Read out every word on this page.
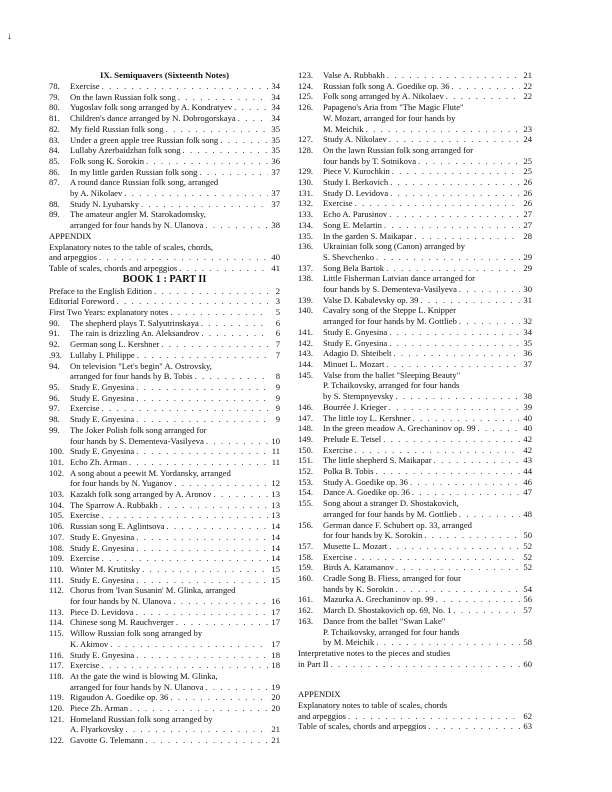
↓
IX. Semiquavers (Sixteenth Notes)
78.	Exercise . . .	34
79.	On the lawn Russian folk song . . .	34
80.	Yugoslav folk song arranged by A. Kondratyev . . .	34
81.	Children's dance arranged by N. Dobrogorskaya . . .	34
82.	My field Russian folk song . . .	35
83.	Under a green apple tree Russian folk song . . .	35
84.	Lullaby Azerbaidzhan folk song . . .	35
85.	Folk song K. Sorokin . . .	36
86.	In my little garden Russian folk song . . .	37
87.	A round dance Russian folk song, arranged
by A. Nikolaev . . .	37
88.	Study N. Lyubarsky . . .	37
89.	The amateur angler M. Starokadomsky,
arranged for four hands by N. Ulanova . . .	38
APPENDIX
Explanatory notes to the table of scales, chords,
and arpeggios . . .	40
Table of scales, chords and arpeggios . . .	41
BOOK 1 : PART II
Preface to the English Edition . . .	2
Editorial Foreword . . .	3
First Two Years: explanatory notes . . .	5
90.	The shepherd plays T. Salyutrinskaya . . .	6
91.	The rain is drizzling An. Aleksandrov . . .	6
92.	German song L. Kershner . . .	7
.93. Lullaby I. Philippe . . .	7
94.	On television "Let's begin" A. Ostrovsky,
arranged for four hands by B. Tobis . . .	8
95.	Study E. Gnyesina . . .	9
96.	Study E. Gnyesina . . .	9
97.	Exercise . . .	9
98.	Study E. Gnyesina . . .	9
99.	The Joker Polish folk song arranged for
four hands by S. Dementeva-Vasilyeva . . .	10
100. Study E. Gnyesina . . .	11
101. Echo Zh. Arman . . .	11
102. A song about a peewit M. Yordansky, arranged
for four hands by N. Yuganov . . .	12
103. Kazakh folk song arranged by A. Aronov . . .	13
104. The Sparrow A. Rubbakh . . .	13
105. Exercise . . .	13
106. Russian song E. Aglintsova . . .	14
107. Study E. Gnyesina . . .	14
108. Study E. Gnyesina . . .	14
109. Exercise . . .	14
110. Winter M. Krutitsky . . .	15
111. Study E. Gnyesina . . .	15
112. Chorus from 'Ivan Susanin' M. Glinka, arranged
for four hands by N. Ulanova . . .	16
113. Piece D. Levidova . . .	17
114. Chinese song M. Rauchverger . . .	17
115. Willow Russian folk song arranged by
K. Akimov . . .	17
116. Study E. Gnyesina . . .	18
117. Exercise . . .	18
118. At the gate the wind is blowing M. Glinka,
arranged for four hands by N. Ulanova . . .	19
119. Rigaudon A. Goedike op. 36 . . .	20
120. Piece Zh. Arman . . .	20
121. Homeland Russian folk song arranged by
A. Flyarkovsky . . .	21
122. Gavotte G. Telemann . . .	21
123.	Valse A. Rubbakh . . .	21
124.	Russian folk song A. Goedike op. 36 . . .	22
125.	Folk song arranged by A. Nikolaev . . .	22
126.	Papageno's Aria from "The Magic Flute"
W. Mozart, arranged for four hands by
M. Meichik . . .	23
127.	Study A. Nikolaev . . .	24
128.	On the lawn Russian folk song arranged for
four hands by T. Sotnikova . . .	25
129.	Piece V. Kurochkin . . .	25
130.	Study I. Berkovich . . .	26
131.	Study D. Levidova . . .	26
132.	Exercise . . .	26
133.	Echo A. Parusinov . . .	27
134.	Song E. Melartin . . .	27
135.	In the garden S. Maikapar . . .	28
136.	Ukrainian folk song (Canon) arranged by
S. Shevchenko . . .	29
137.	Song Bela Bartok . . .	29
138.	Little Fisherman Latvian dance arranged for
four hands by S. Dementeva-Vasilyeva . . .	30
139.	Valse D. Kabalevsky op. 39 . . .	31
140.	Cavalry song of the Steppe L. Knipper
arranged for four hands by M. Gottlieb . . .	32
141.	Study E. Gnyesina . . .	34
142.	Study E. Gnyesina . . .	35
143.	Adagio D. Shteibelt . . .	36
144.	Minuet L. Mozart . . .	37
145.	Valse from the ballet "Sleeping Beauty"
P. Tchaikovsky, arranged for four hands
by S. Stempnyevsky . . .	38
146.	Bourrée J. Krieger . . .	39
147.	The little toy L. Kershner . . .	40
148.	In the green meadow A. Grechaninov op. 99 . . .	40
149.	Prelude E. Tetsel . . .	42
150.	Exercise . . .	42
151.	The little shepherd S. Maikapar . . .	43
152.	Polka B. Tobis . . .	44
153.	Study A. Goedike op. 36 . . .	46
154.	Dance A. Goedike op. 36 . . .	47
155.	Song about a stranger D. Shostakovich,
arranged for four hands by M. Gottlieb . . .	48
156.	German dance F. Schubert op. 33, arranged
for four hands by K. Sorokin . . .	50
157.	Musette L. Mozart . . .	52
158.	Exercise . . .	52
159.	Birds A. Karamanov . . .	52
160.	Cradle Song B. Fliess, arranged for four
hands by K. Sorokin . . .	54
161.	Mazurka A. Grechaninov op. 99 . . .	56
162.	March D. Shostakovich op. 69, No. 1 . . .	57
163.	Dance from the ballet "Swan Lake"
P. Tchaikovsky, arranged for four hands
by M. Meichik . . .	58
Interpretative notes to the pieces and studies
in Part II . . .	60
APPENDIX
Explanatory notes to table of scales, chords
and arpeggios . . .	62
Table of scales, chords and arpeggios . . .	63
